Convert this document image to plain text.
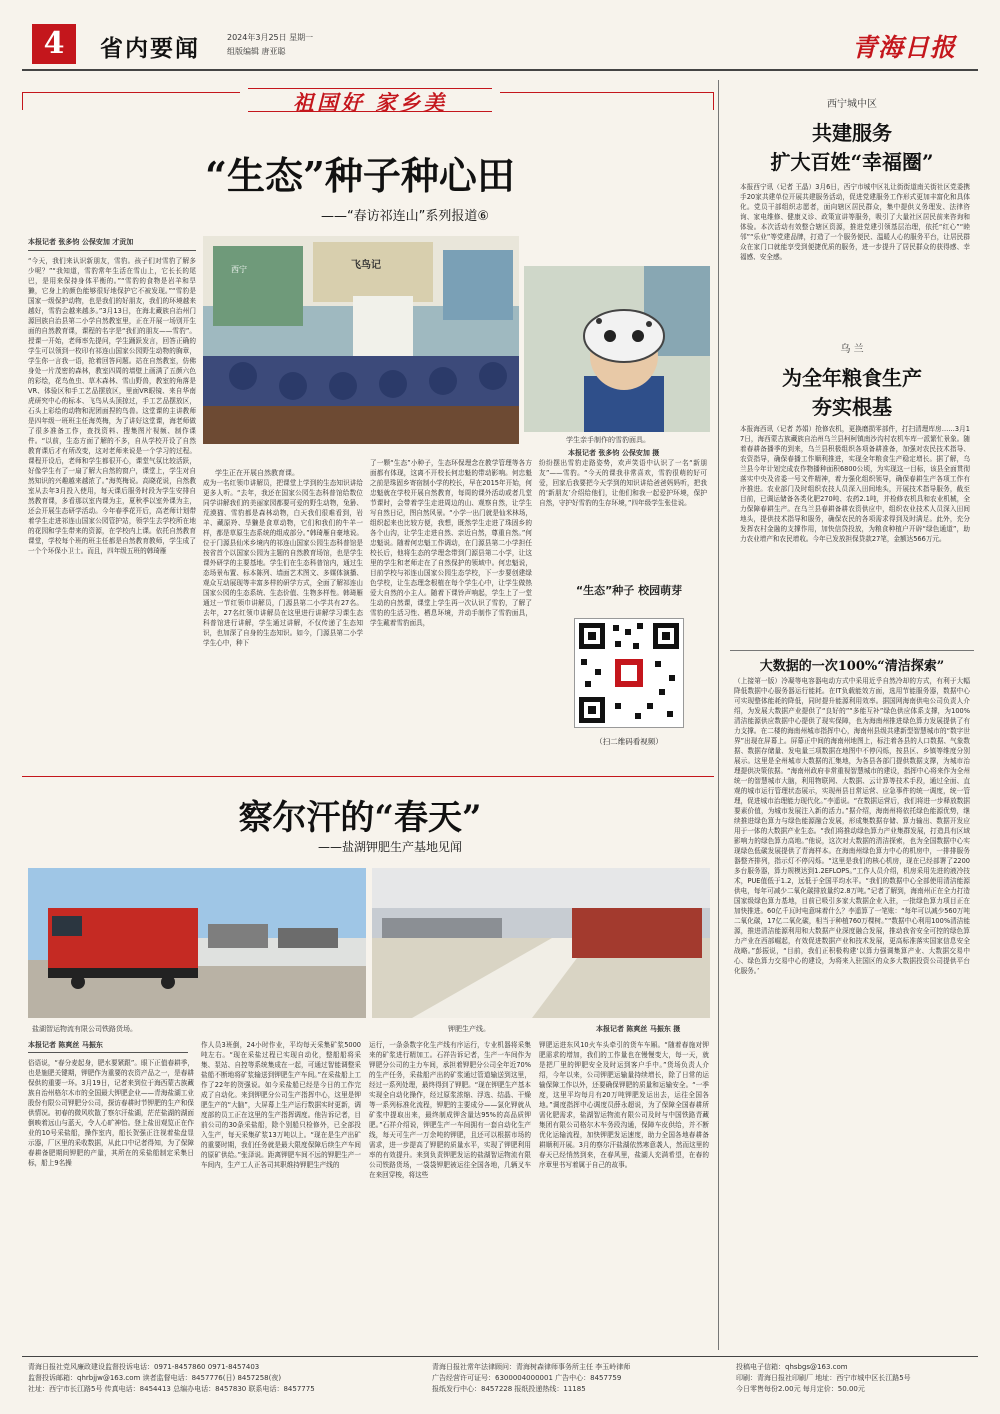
4	省内要闻	2024年3月25日 星期一
组版编辑 唐亚聪	青海日报
祖国好 家乡美
“生态”种子种心田
——“春访祁连山”系列报道⑥
本报记者 张多钧 公保安加 才贡加
“今天，我们来认识新朋友，雪豹。孩子们对雪豹了解多少呢？”“我知道，雪豹常年生活在雪山上，它长长的尾巴，是用来保持身体平衡的。”“雪豹的食物是岩羊和旱獭，它身上的颜色能够很好地保护它不被发现。”“雪豹是国家一级保护动物，也是我们的好朋友，我们的环境越来越好，雪豹会越来越多。”3月13日，在海北藏族自治州门源回族自治县第二小学自然教室里，正在开展一场别开生面的自然教育课，课程的名字是“我们的朋友——雪豹”。授课一开始，老师率先提问，学生踊跃发言，回答正确的学生可以领到一枚印有祁连山国家公园野生动物的胸章，学生你一言我一语，抢着回答问题。站在自然教室，仿佛身处一片茂密的森林，教室四周的墙壁上画满了五颜六色的彩绘，花鸟鱼虫、草木森林、雪山野兽，教室的角落是VR、体验区和手工艺品摆放区，里面VR眼镜、来自华南虎研究中心的标本、飞鸟从头顶掠过，手工艺品摆放区，石头上彩绘的动物和泥团面捏的鸟兽。这堂课的主讲教师是四年级一班班主任海英梅，为了讲好这堂课，海老师做了很多准备工作，查找资料、搜集图片视频、制作课件。“以前，生态方面了解的不多，自从学校开设了自然教育课后才有所改变，这对老师来说是一个学习的过程。课程开设后，老师和学生都很开心，课堂气氛比较活跃，好像学生有了一扇了解大自然的窗户，课堂上，学生对自然知识的兴趣越来越浓了。”海英梅说。高晓花说，自然教室从去年3月投入使用，每天课后服务时段为学生安排自然教育课，多看那以室内课为主，夏秋季以室外课为主，还会开展生态研学活动。今年春季花开后，高老师计划带着学生走进祁连山国家公园管护站，领学生去学校所在地的花园和学生带来的资源，在学校内上课。依托自然教育课堂，学校每个班的班主任都是自然教育教师，学生成了一个个环保小卫士。而且，四年级五班的韩琦雁
西宁	飞鸟记
学生亲手制作的雪豹面具。
本报记者 张多钧 公保安加 摄
学生正在开展自然教育课。
成为一名红领巾讲解员，把课堂上学到的生态知识讲给更多人听。“去年，我还在国家公园生态科普馆给数位同学讲解我们的美丽家园都要可爱的野生动物，兔狲、荒漠猫、雪豹都是森林动物，白天我们很难看到，岩羊、藏原羚、旱獭是食草动物，它们和我们的牛羊一样，都是草原生态系统的组成部分。”韩琦雁自豪地说。位于门源县仙米乡境内的祁连山国家公园生态科普馆是按省首个以国家公园为主题的自然教育场馆，也是学生课外研学的主要基地。学生们在生态科普馆内，通过生态场景布置、标本陈列、墙面艺术图文、多媒体演播、观众互动展现等丰富多样的研学方式，全面了解祁连山国家公园的生态系统、生态价值、生物多样性。韩琦雁通过一节红领巾讲解员，门源县第二小学共有27名。去年，27名红领巾讲解员在这里进行讲解学习课生态科普馆进行讲解，学生通过讲解，不仅传递了生态知识，也加深了自身的生态知识。如今，门源县第二小学学生心中，种下
了一颗“生态”小种子，生态环保理念在教学管理等各方面都有体现，这离不开校长何忠魁的带动影响。何忠魁之前是珠固乡寄宿制小学的校长，早在2015年开始，何忠魁就在学校开展自然教育，每周的课外活动或者几堂节课时，会带着学生走进周边的山、观察自然，让学生写自然日记，图自然风景。“小学一出门就是仙米林场，组织起来也比较方便，我想，既然学生走进了珠固乡的各个山沟，让学生走进自然、亲近自然，尊重自然。”何忠魁说。随着何忠魁工作调动，在门源县第二小学担任校长后，他将生态的学理念带到门源县第二小学，让这里的学生和老师走在了自然保护的领域中。何忠魁说，目前学校与祁连山国家公园生态学校，下一步要创建绿色学校，让生态理念根植在每个学生心中，让学生做热爱大自然的小主人。随着下课铃声响起，学生上了一堂生动的自然课，课堂上学生再一次认识了雪豹，了解了雪豹的生活习性、栖息环境，并动手制作了雪豹面具，学生戴着雪豹面具，
纷纷摆出雪豹走路姿势，欢声笑语中认识了一名“新朋友”——雪豹。“今天的课我非常喜欢，雪豹很萌的好可爱，回家后我要把今天学到的知识讲给爸爸妈妈听，把我的‘新朋友’介绍给他们，让他们和我一起爱护环境，保护自然，守护好雪豹的生存环境，”四年级学生张佳说。
“生态”种子 校园萌芽
（扫二维码看视频）
察尔汗的“春天”
——盐湖钾肥生产基地见闻
盐湖智运物流有限公司铁路货场。	钾肥生产线。	本报记者 陈爽丝 马振东 摄
本报记者 陈爽丝 马振东
俗语说，“春分麦起身，肥水要紧跟”。眼下正值春耕季，也是施肥关键期，钾肥作为重要的农资产品之一，是春耕保供的重要一环。3月19日，记者来到位于海西蒙古族藏族自治州格尔木市的全国最大钾肥企业——青海盐湖工业股份有限公司钾肥分公司，探访春耕时节钾肥的生产和保供情况。初春的微风吹散了察尔汗盐湖，茫茫盐湖的湖面倒映着远山与蓝天，令人心旷神怡。登上盐田观览正在作业的10号采盐船，操作室内，船长贺强正注视着盐盘显示器，厂区里的采收数据，从此口中记者得知，为了保障春耕备肥期间钾肥的产量，其所在的采盐船制定采集日标，船上9名操
作人员3班倒，24小时作业，平均每天采集矿浆5000吨左右。“现在采盐过程已实现自动化，整船船将采集、泵站、自控等系统集成在一起，可通过智能调整采盐船不断地将矿浆输送到钾肥生产车间。”在采盐船上工作了22年的贺强说。如今采盐船已经是今日的工作完成了自动化。来到钾肥分公司生产指挥中心，这里是钾肥生产的“大脑”，大屏幕上生产运行数据实时更新，调度部的员工正在这里的生产指挥调度。他告诉记者，目前公司的30条采盐船，除个别船只检修外，已全部投入生产，每天采集矿浆13万吨以上。“现在是生产出矿的重要时期，我们任务就是最大限度保障后续生产车间的原矿供给。”张泽说。距离钾肥车间不远的钾肥生产一车间内，生产工人正各司其职维持钾肥生产线的
运行，一条条数字化生产线有序运行，专业机器将采集来的矿浆进行精加工。石祥告诉记者，生产一车间作为钾肥分公司的主力车间，承担着钾肥分公司全年近70%的生产任务，采盐船产出的矿浆通过管道输送到这里，经过一系列处理，最终得到了钾肥。“现在钾肥生产基本实现全自动化操作，经过原浆浓缩、浮选、结晶、干燥等一系列标准化流程，钾肥的主要成分——氯化钾就从矿浆中提取出来，最终制成钾含量达95%的高品质钾肥。”石祥介绍说，钾肥生产一车间拥有一套自动化生产线，每天可生产一万余吨的钾肥，且还可以根据市场的需求，进一步提高了钾肥的质量水平，实现了钾肥利用率的有效提升。来到负责钾肥发运的盐湖智运物流有限公司铁路货场，一袋袋钾肥被运往全国各地，几辆叉车在来回穿梭，将这些
钾肥运进东风10火车头牵引的货车车厢。“随着春施对钾肥需求的增加，我们的工作量也在慢慢变大，每一天，就是把厂里的钾肥安全及时运到客户手中。”货场负责人介绍，今年以来，公司钾肥运输量持续增长，除了日常的运输保障工作以外，还要确保钾肥的质量和运输安全。“一季度，这里平均每月有20万吨钾肥发运出去，运往全国各地。”调度指挥中心调度员薛永超说，为了保障全国春耕所需化肥需求，盐湖智运物流有限公司及时与中国铁路青藏集团有限公司格尔木车务段沟通，保障车皮供给，并不断优化运输流程，加快钾肥发运速度，助力全国各地春耕备耕顺利开展。3月的察尔汗盐湖依然寒意袭人，然而这里的春天已经悄然到来，在春风里，盐湖人充满希望，在春的序章里书写着属于自己的故事。
西宁城中区
共建服务
扩大百姓“幸福圈”
本报西宁讯（记者 王晶）3月6日，西宁市城中区礼让街街道南关街社区党委携手20家共建单位开展共建服务活动，促进党建服务工作形式更加丰富化和具体化。党员干部组织志愿者，面向辖区居民群众，集中提供义务理发、法律咨询、家电维修、健康义诊、政策宣讲等服务，吸引了大量社区居民前来咨询和体验。本次活动有效整合辖区资源，推进党建引领基层治理，依托“红心”“睦邻”“乐业”等党建品牌，打造了一个服务便民、温暖人心的服务平台，让居民群众在家门口就能享受到便捷优质的服务，进一步提升了居民群众的获得感、幸福感、安全感。
乌 兰
为全年粮食生产
夯实根基
本报海西讯（记者 苏娟）抢修农机，更换磨损零部件，打扫清理库房……3月17日，海西蒙古族藏族自治州乌兰县柯柯镇南沙沟村农机车库一派繁忙景象。随着春耕备播季的到来，乌兰县积极组织各项备耕准备，加强对农民技术指导、农资指导，确保春播工作顺利推进，实现全年粮食生产稳定增长。据了解，乌兰县今年计划完成农作物播种面积6800公顷，为实现这一目标，该县全面贯彻落实中央及省委一号文件精神，着力强化组织领导，确保春耕生产各项工作有序推进。农业部门及时组织农技人员深入田间地头，开展技术指导服务，截至目前，已调运储备各类化肥270吨、农药2.1吨，并检修农机具和农业机械，全力保障春耕生产。在乌兰县春耕备耕农资供应中，组织农业技术人员深入田间地头，提供技术指导和服务，确保农民的各项需求得到及时满足。此外，充分发挥农村金融的支撑作用，加快信贷投放，为粮食种植户开辟“绿色通道”，助力农业增产和农民增收。今年已发放担保贷款27笔，金额达566万元。
大数据的一次100%“清洁探索”
（上接第一版）冷凝等电容器电动方式中采用近乎自然冷却的方式，有利于大幅降低数据中心服务器运行能耗。在IT负载能效方面，选用节能服务器，数据中心可实现整体能耗的降低，同时提升能源利用效率。据国网海南供电公司负责人介绍，为发展大数据产业提供了“良好的”“多能互补”绿色供应体系支撑，为100%清洁能源供应数据中心提供了现实保障，也为海南州推进绿色算力发展提供了有力支撑。在二楼的海南州城市指挥中心，海南州县级共建新型智慧城市的“数字世界”出现在屏幕上。屏幕正中间的海南州地图上，标注着各县的人口数据、气象数据、数据存储量、发电量三项数据在地图中不停闪烁，按县区、乡镇等维度分别展示。这里是全州城市大数据的汇集地，为各县各部门提供数据支撑，为城市治理提供决策依据。“海南州政府非常重视智慧城市的建设，指挥中心将来作为全州统一的智慧城市大脑，利用物联网、大数据、云计算等技术手段，通过全面、直观的城市运行管理状态展示，实现州县目常运营、应急事件的统一调度，统一管理，促进城市治理能力现代化。”李遥说。“在数据运营后，我们将进一步释放数据要素价值，为城市发展注入新的活力。”据介绍，海南州将依托绿色能源优势，继续推进绿色算力与绿色能源融合发展，形成集数据存储、算力输出、数据开发应用于一体的大数据产业生态。“我们将推动绿色算力产业集群发展，打造具有区域影响力的绿色算力高地。”他说，这次对大数据的清洁探索，也为全国数据中心实现绿色低碳发展提供了青海样本。在海南州绿色算力中心的机房中，一排排服务器整齐排列，指示灯不停闪烁。“这里是我们的核心机房，现在已经部署了2200多台服务器，算力规模达到1.2EFLOPS。”工作人员介绍，机房采用先进的液冷技术，PUE值低于1.2，远低于全国平均水平。“我们的数据中心全部使用清洁能源供电，每年可减少二氧化碳排放量约2.8万吨。”记者了解到，海南州正在全力打造国家级绿色算力基地，目前已吸引多家大数据企业入驻，一批绿色算力项目正在加快推进。60亿千瓦时电意味着什么？李遥算了一笔账：“每年可以减少560万吨二氧化碳，17亿二氧化碳，相当于种植760万棵树。”“数据中心利用100%清洁能源，推进清洁能源利用和大数据产业深度融合发展，推动我省安全可控的绿色算力产业在西部崛起，有效促进数据产业和技术发展，更高标准落实国家信息安全战略。”彭振说，“目前，我们正积极构建‘以算力强调集算产业、大数据交易中心、绿色算力交易中心的建设，为将来入驻国区的众多大数据投资公司提供平台化服务。’
青海日报社党风廉政建设监督投诉电话：0971-8457860 0971-8457403
监督投诉邮箱：qhrbjjw@163.com 读者监督电话：8457776(日) 8457258(夜)
社址：西宁市长江路5号 传真电话：8454413 总编办电话：8457830 联系电话：8457775
青海日报社常年法律顾问：青海树森律师事务所主任 李玉岭律师
广告经营许可证号：6300004000001 广告中心：8457759
报纸发行中心：8457228 报纸投递热线：11185
投稿电子信箱：qhsbgs@163.com
印刷：青海日报社印刷厂 地址：西宁市城中区长江路5号
今日零售每份2.00元 每月定价：50.00元
